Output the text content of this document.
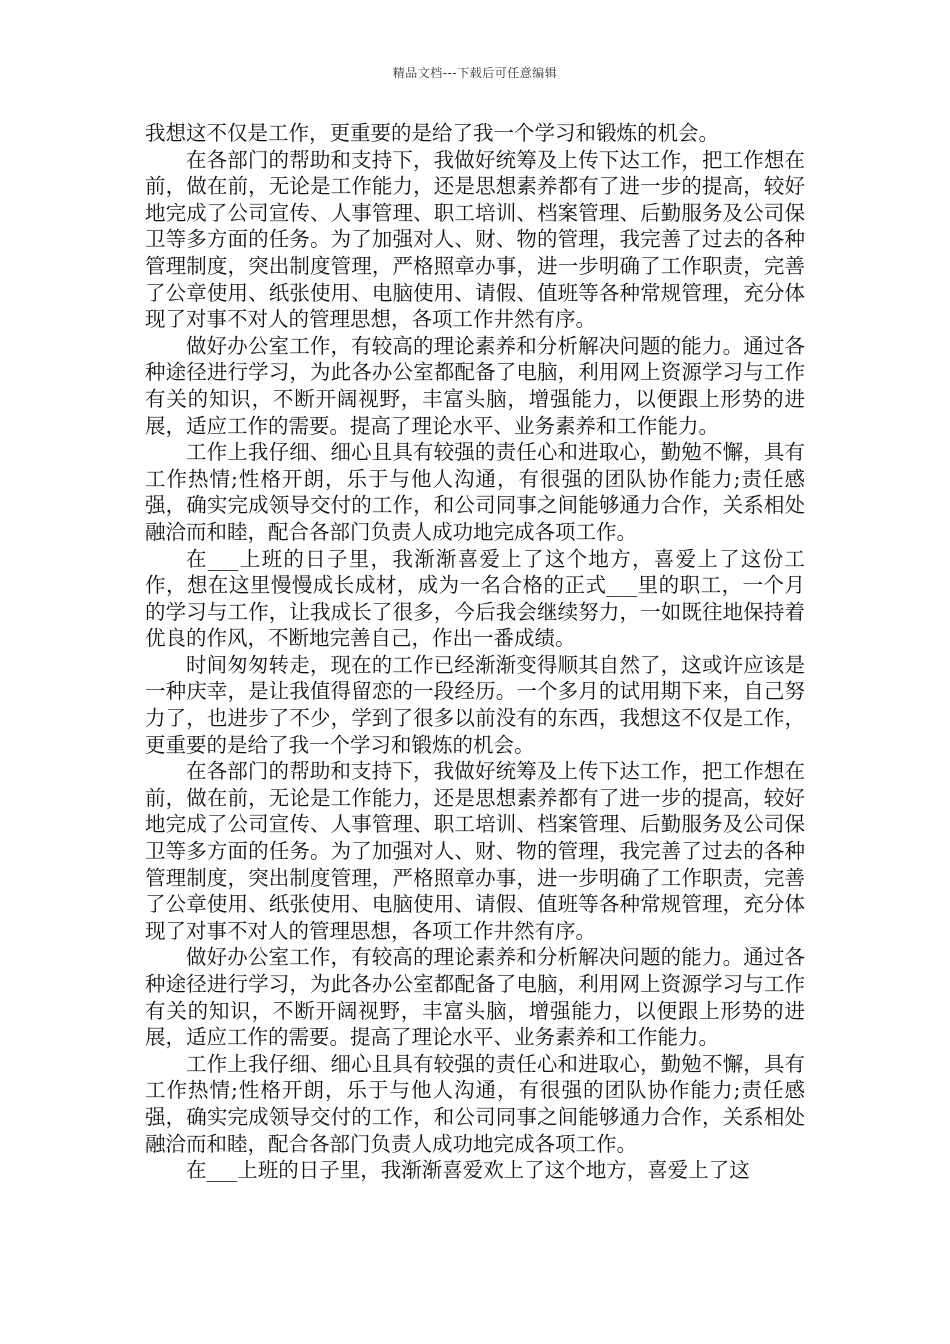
精品文档---下载后可任意编辑

我想这不仅是工作，更重要的是给了我一个学习和锻炼的机会。

在各部门的帮助和支持下，我做好统筹及上传下达工作，把工作想在前，做在前，无论是工作能力，还是思想素养都有了进一步的提高，较好地完成了公司宣传、人事管理、职工培训、档案管理、后勤服务及公司保卫等多方面的任务。为了加强对人、财、物的管理，我完善了过去的各种管理制度，突出制度管理，严格照章办事，进一步明确了工作职责，完善了公章使用、纸张使用、电脑使用、请假、值班等各种常规管理，充分体现了对事不对人的管理思想，各项工作井然有序。

做好办公室工作，有较高的理论素养和分析解决问题的能力。通过各种途径进行学习，为此各办公室都配备了电脑，利用网上资源学习与工作有关的知识，不断开阔视野，丰富头脑，增强能力，以便跟上形势的进展，适应工作的需要。提高了理论水平、业务素养和工作能力。

工作上我仔细、细心且具有较强的责任心和进取心，勤勉不懈，具有工作热情;性格开朗，乐于与他人沟通，有很强的团队协作能力;责任感强，确实完成领导交付的工作，和公司同事之间能够通力合作，关系相处融洽而和睦，配合各部门负责人成功地完成各项工作。

在___上班的日子里，我渐渐喜爱上了这个地方，喜爱上了这份工作，想在这里慢慢成长成材，成为一名合格的正式___里的职工，一个月的学习与工作，让我成长了很多，今后我会继续努力，一如既往地保持着优良的作风，不断地完善自己，作出一番成绩。

时间匆匆转走，现在的工作已经渐渐变得顺其自然了，这或许应该是一种庆幸，是让我值得留恋的一段经历。一个多月的试用期下来，自己努力了，也进步了不少，学到了很多以前没有的东西，我想这不仅是工作，更重要的是给了我一个学习和锻炼的机会。

在各部门的帮助和支持下，我做好统筹及上传下达工作，把工作想在前，做在前，无论是工作能力，还是思想素养都有了进一步的提高，较好地完成了公司宣传、人事管理、职工培训、档案管理、后勤服务及公司保卫等多方面的任务。为了加强对人、财、物的管理，我完善了过去的各种管理制度，突出制度管理，严格照章办事，进一步明确了工作职责，完善了公章使用、纸张使用、电脑使用、请假、值班等各种常规管理，充分体现了对事不对人的管理思想，各项工作井然有序。

做好办公室工作，有较高的理论素养和分析解决问题的能力。通过各种途径进行学习，为此各办公室都配备了电脑，利用网上资源学习与工作有关的知识，不断开阔视野，丰富头脑，增强能力，以便跟上形势的进展，适应工作的需要。提高了理论水平、业务素养和工作能力。

工作上我仔细、细心且具有较强的责任心和进取心，勤勉不懈，具有工作热情;性格开朗，乐于与他人沟通，有很强的团队协作能力;责任感强，确实完成领导交付的工作，和公司同事之间能够通力合作，关系相处融洽而和睦，配合各部门负责人成功地完成各项工作。

在___上班的日子里，我渐渐喜爱欢上了这个地方，喜爱上了这
